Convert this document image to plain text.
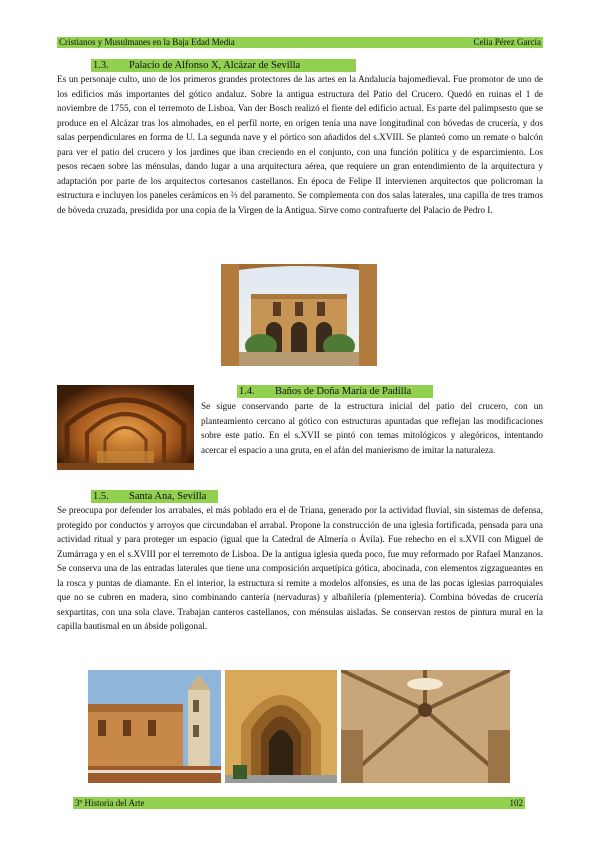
Cristianos y Musulmanes en la Baja Edad Media	Celia Pérez García
1.3. Palacio de Alfonso X, Alcázar de Sevilla

Es un personaje culto, uno de los primeros grandes protectores de las artes en la Andalucía bajomedieval. Fue promotor de uno de los edificios más importantes del gótico andaluz. Sobre la antigua estructura del Patio del Crucero. Quedó en ruinas el 1 de noviembre de 1755, con el terremoto de Lisboa. Van der Bosch realizó el fiente del edificio actual. Es parte del palimpsesto que se produce en el Alcázar tras los almohades, en el perfil norte, en origen tenía una nave longitudinal con bóvedas de crucería, y dos salas perpendiculares en forma de U. La segunda nave y el pórtico son añadidos del s.XVIII. Se planteó como un remate o balcón para ver el patio del crucero y los jardines que iban creciendo en el conjunto, con una función política y de esparcimiento. Los pesos recaen sobre las ménsulas, dando lugar a una arquitectura aérea, que requiere un gran entendimiento de la arquitectura y adaptación por parte de los arquitectos cortesanos castellanos. En época de Felipe II intervienen arquitectos que policroman la estructura e incluyen los paneles cerámicos en ⅔ del paramento. Se complementa con dos salas laterales, una capilla de tres tramos de bóveda cruzada, presidida por una copia de la Virgen de la Antigua. Sirve como contrafuerte del Palacio de Pedro I.

1.4. Baños de Doña María de Padilla

Se sigue conservando parte de la estructura inicial del patio del crucero, con un planteamiento cercano al gótico con estructuras apuntadas que reflejan las modificaciones sobre este patio. En el s.XVII se pintó con temas mitológicos y alegóricos, intentando acercar el espacio a una gruta, en el afán del manierismo de imitar la naturaleza.

1.5. Santa Ana, Sevilla

Se preocupa por defender los arrabales, el más poblado era el de Triana, generado por la actividad fluvial, sin sistemas de defensa, protegido por conductos y arroyos que circundaban el arrabal. Propone la construcción de una iglesia fortificada, pensada para una actividad ritual y para proteger un espacio (igual que la Catedral de Almería o Ávila). Fue rehecho en el s.XVII con Miguel de Zumárraga y en el s.XVIII por el terremoto de Lisboa. De la antigua iglesia queda poco, fue muy reformado por Rafael Manzanos. Se conserva una de las entradas laterales que tiene una composición arquetípica gótica, abocinada, con elementos zigzagueantes en la rosca y puntas de diamante. En el interior, la estructura sí remite a modelos alfonsíes, es una de las pocas iglesias parroquiales que no se cubren en madera, sino combinando cantería (nervaduras) y albañilería (plementería). Combina bóvedas de crucería sexpartitas, con una sola clave. Trabajan canteros castellanos, con ménsulas aisladas. Se conservan restos de pintura mural en la capilla bautismal en un ábside poligonal.

3º Historia del Arte	102
